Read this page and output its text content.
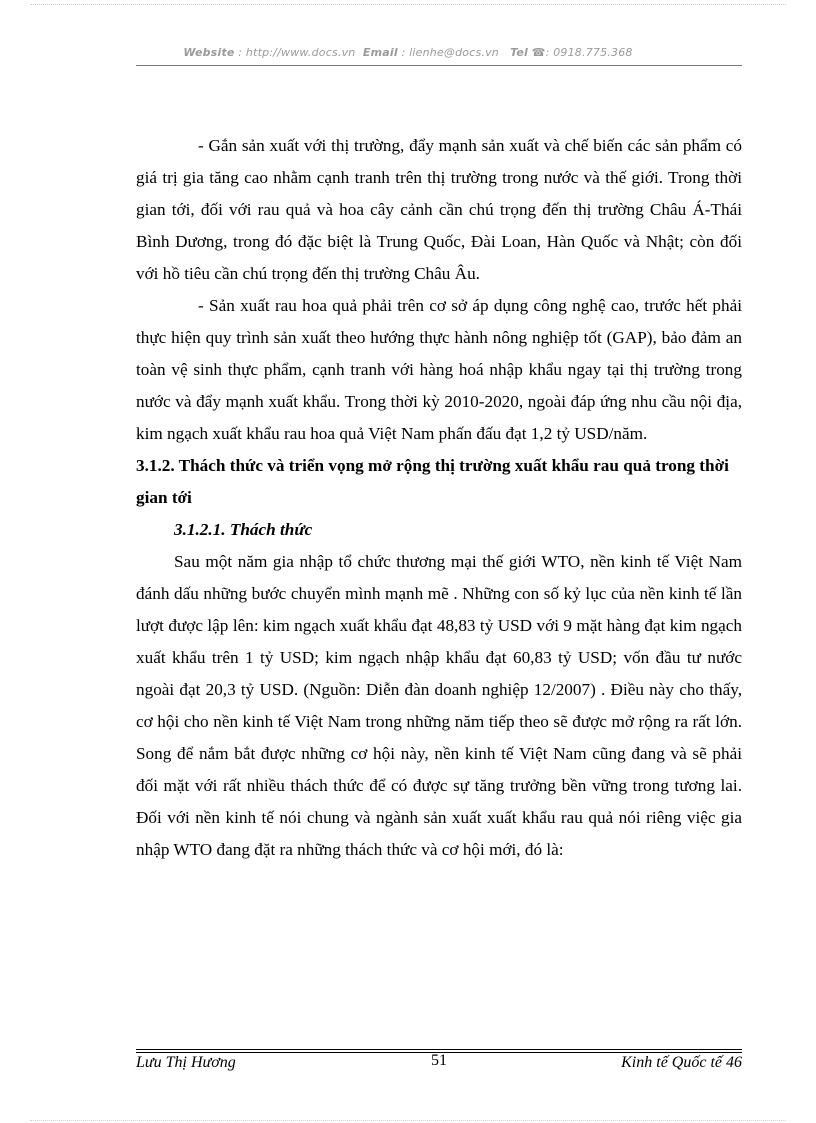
Website : http://www.docs.vn Email : lienhe@docs.vn Tel ☎: 0918.775.368

- Gắn sản xuất với thị trường, đẩy mạnh sản xuất và chế biến các sản phẩm có giá trị gia tăng cao nhằm cạnh tranh trên thị trường trong nước và thế giới. Trong thời gian tới, đối với rau quả và hoa cây cảnh cần chú trọng đến thị trường Châu Á-Thái Bình Dương, trong đó đặc biệt là Trung Quốc, Đài Loan, Hàn Quốc và Nhật; còn đối với hồ tiêu cần chú trọng đến thị trường Châu Âu.

- Sản xuất rau hoa quả phải trên cơ sở áp dụng công nghệ cao, trước hết phải thực hiện quy trình sản xuất theo hướng thực hành nông nghiệp tốt (GAP), bảo đảm an toàn vệ sinh thực phẩm, cạnh tranh với hàng hoá nhập khẩu ngay tại thị trường trong nước và đẩy mạnh xuất khẩu. Trong thời kỳ 2010-2020, ngoài đáp ứng nhu cầu nội địa, kim ngạch xuất khẩu rau hoa quả Việt Nam phấn đấu đạt 1,2 tỷ USD/năm.

3.1.2. Thách thức và triển vọng mở rộng thị trường xuất khẩu rau quả trong thời gian tới

3.1.2.1. Thách thức

Sau một năm gia nhập tổ chức thương mại thế giới WTO, nền kinh tế Việt Nam đánh dấu những bước chuyển mình mạnh mẽ . Những con số kỷ lục của nền kinh tế lần lượt được lập lên: kim ngạch xuất khẩu đạt 48,83 tỷ USD với 9 mặt hàng đạt kim ngạch xuất khẩu trên 1 tỷ USD; kim ngạch nhập khẩu đạt 60,83 tỷ USD; vốn đầu tư nước ngoài đạt 20,3 tỷ USD. (Nguồn: Diễn đàn doanh nghiệp 12/2007) . Điều này cho thấy, cơ hội cho nền kinh tế Việt Nam trong những năm tiếp theo sẽ được mở rộng ra rất lớn. Song để nắm bắt được những cơ hội này, nền kinh tế Việt Nam cũng đang và sẽ phải đối mặt với rất nhiều thách thức để có được sự tăng trưởng bền vững trong tương lai. Đối với nền kinh tế nói chung và ngành sản xuất xuất khẩu rau quả nói riêng việc gia nhập WTO đang đặt ra những thách thức và cơ hội mới, đó là:

Lưu Thị Hương	51	Kinh tế Quốc tế 46
